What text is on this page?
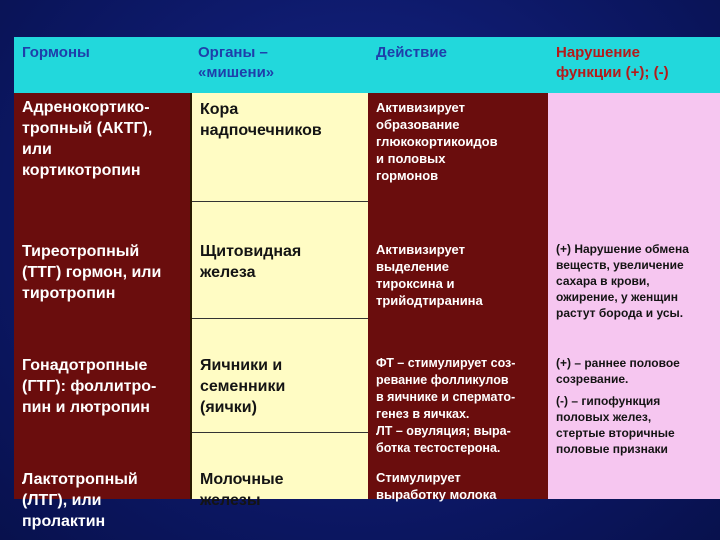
Гормоны	Органы –
«мишени»
Действие	Нарушение
функции (+); (-)
Адренокортико-
тропный (АКТГ),
или
кортикотропин
Тиреотропный
(ТТГ) гормон, или
тиротропин
Гонадотропные
(ГТГ): фоллитро-
пин и лютропин
Лактотропный
(ЛТГ), или
пролактин
Кора
надпочечников
Щитовидная
железа
Яичники и
семенники
(яички)
Молочные
железы
Активизирует
образование
глюкокортикоидов
и половых
гормонов
Активизирует
выделение
тироксина и
трийодтиранина
ФТ – стимулирует соз-
ревание фолликулов
в яичнике и спермато-
генез в яичках.
ЛТ – овуляция; выра-
ботка тестостерона.
Стимулирует
выработку молока
(+) Нарушение обмена
веществ, увеличение
сахара в крови,
ожирение, у женщин
растут борода и усы.
(+) – раннее половое
созревание.
(-) – гипофункция
половых желез,
стертые вторичные
половые признаки
